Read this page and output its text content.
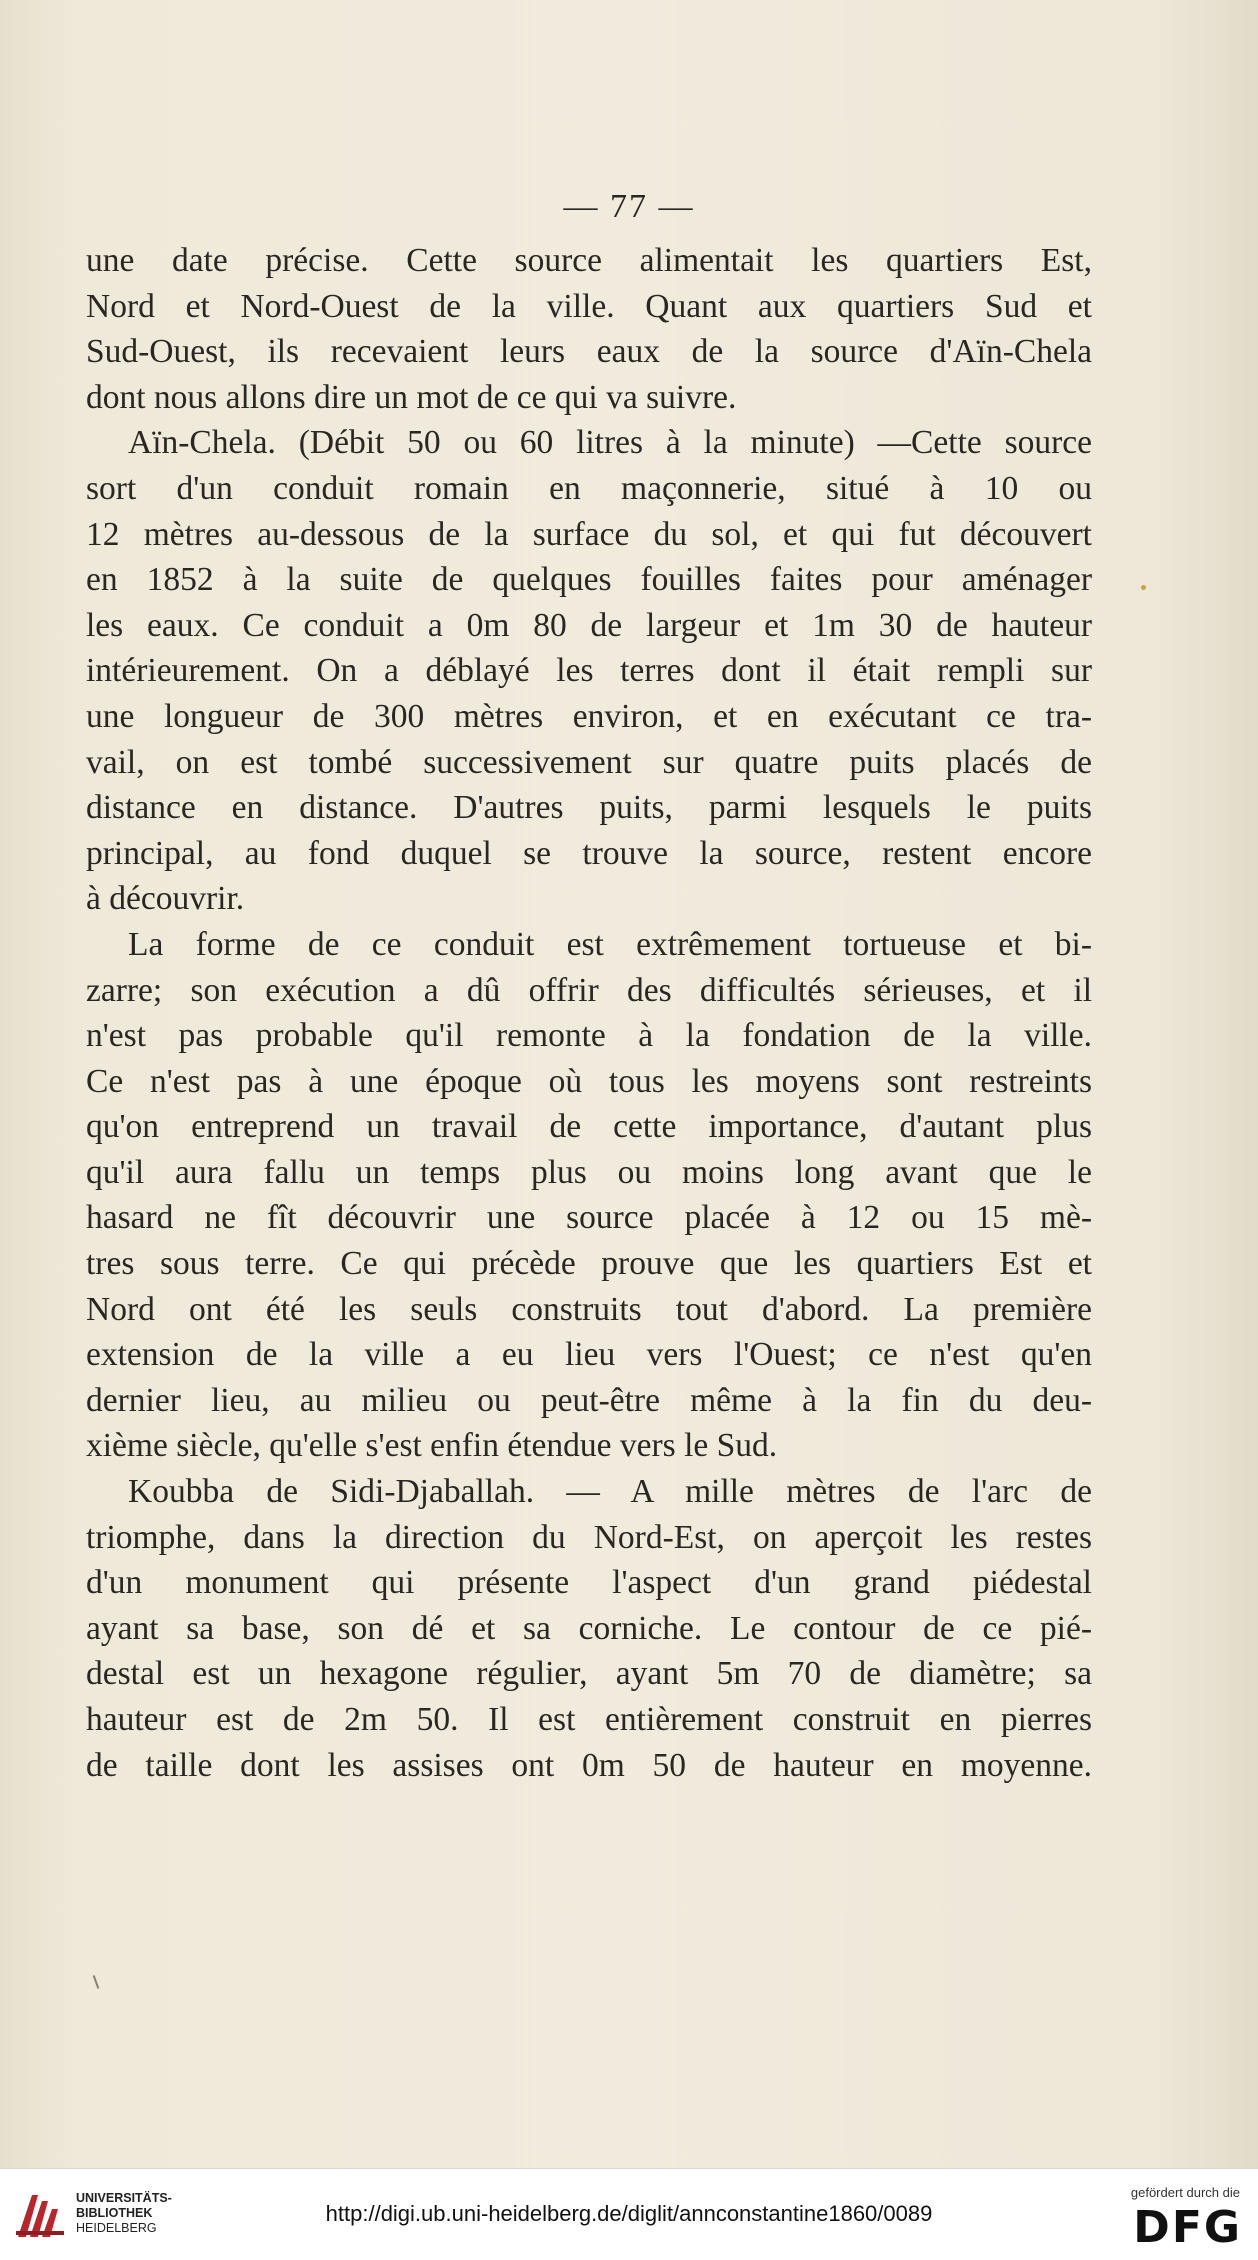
— 77 —
une date précise. Cette source alimentait les quartiers Est,
Nord et Nord-Ouest de la ville. Quant aux quartiers Sud et
Sud-Ouest, ils recevaient leurs eaux de la source d'Aïn-Chela
dont nous allons dire un mot de ce qui va suivre.
Aïn-Chela. (Débit 50 ou 60 litres à la minute) —Cette source
sort d'un conduit romain en maçonnerie, situé à 10 ou
12 mètres au-dessous de la surface du sol, et qui fut découvert
en 1852 à la suite de quelques fouilles faites pour aménager
les eaux. Ce conduit a 0m 80 de largeur et 1m 30 de hauteur
intérieurement. On a déblayé les terres dont il était rempli sur
une longueur de 300 mètres environ, et en exécutant ce tra-
vail, on est tombé successivement sur quatre puits placés de
distance en distance. D'autres puits, parmi lesquels le puits
principal, au fond duquel se trouve la source, restent encore
à découvrir.
La forme de ce conduit est extrêmement tortueuse et bi-
zarre; son exécution a dû offrir des difficultés sérieuses, et il
n'est pas probable qu'il remonte à la fondation de la ville.
Ce n'est pas à une époque où tous les moyens sont restreints
qu'on entreprend un travail de cette importance, d'autant plus
qu'il aura fallu un temps plus ou moins long avant que le
hasard ne fît découvrir une source placée à 12 ou 15 mè-
tres sous terre. Ce qui précède prouve que les quartiers Est et
Nord ont été les seuls construits tout d'abord. La première
extension de la ville a eu lieu vers l'Ouest; ce n'est qu'en
dernier lieu, au milieu ou peut-être même à la fin du deu-
xième siècle, qu'elle s'est enfin étendue vers le Sud.
Koubba de Sidi-Djaballah. — A mille mètres de l'arc de
triomphe, dans la direction du Nord-Est, on aperçoit les restes
d'un monument qui présente l'aspect d'un grand piédestal
ayant sa base, son dé et sa corniche. Le contour de ce pié-
destal est un hexagone régulier, ayant 5m 70 de diamètre; sa
hauteur est de 2m 50. Il est entièrement construit en pierres
de taille dont les assises ont 0m 50 de hauteur en moyenne.
UNIVERSITÄTS-
BIBLIOTHEK
HEIDELBERG
http://digi.ub.uni-heidelberg.de/diglit/annconstantine1860/0089
gefördert durch die
DFG
